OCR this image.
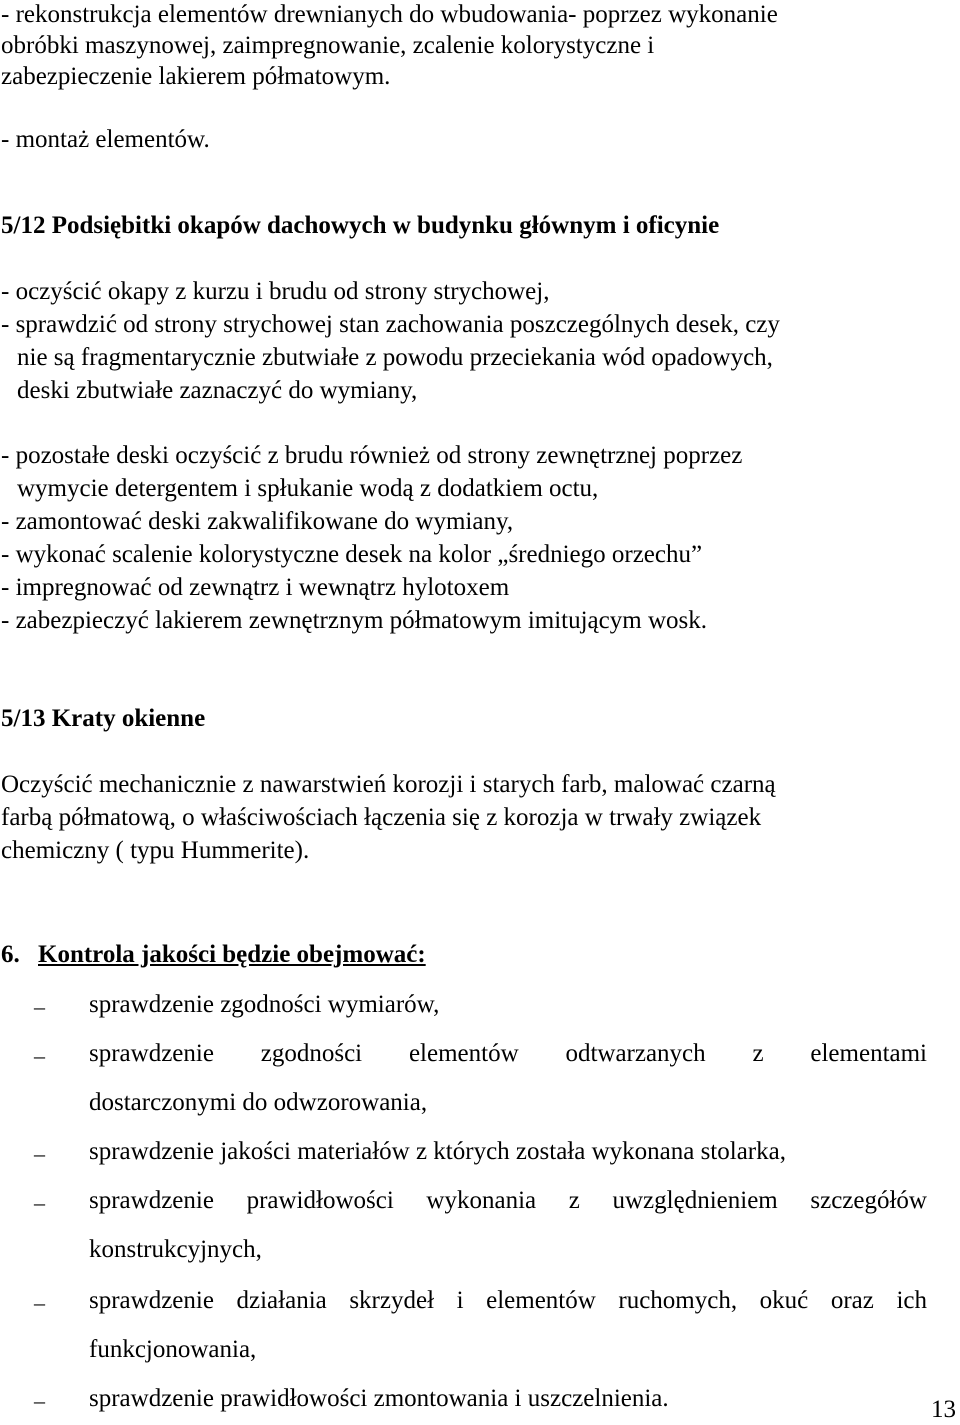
- rekonstrukcja elementów drewnianych do wbudowania- poprzez wykonanie
obróbki maszynowej, zaimpregnowanie, zcalenie kolorystyczne i
zabezpieczenie lakierem półmatowym.
- montaż elementów.
5/12 Podsiębitki okapów dachowych w budynku głównym i oficynie
- oczyścić okapy z kurzu i brudu od strony strychowej,
- sprawdzić od strony strychowej stan zachowania poszczególnych desek, czy
nie są fragmentarycznie zbutwiałe z powodu przeciekania wód opadowych,
deski zbutwiałe zaznaczyć do wymiany,
- pozostałe deski oczyścić z brudu również od strony zewnętrznej poprzez
wymycie detergentem i spłukanie wodą z dodatkiem octu,
- zamontować deski zakwalifikowane do wymiany,
- wykonać scalenie kolorystyczne desek na kolor „średniego orzechu”
- impregnować od zewnątrz i wewnątrz hylotoxem
- zabezpieczyć lakierem zewnętrznym półmatowym imitującym wosk.
5/13 Kraty okienne
Oczyścić mechanicznie z nawarstwień korozji i starych farb, malować czarną
farbą półmatową, o właściwościach łączenia się z korozja w trwały związek
chemiczny ( typu Hummerite).
6. Kontrola jakości będzie obejmować:
– sprawdzenie zgodności wymiarów,
– sprawdzenie zgodności elementów odtwarzanych z elementami
dostarczonymi do odwzorowania,
– sprawdzenie jakości materiałów z których została wykonana stolarka,
– sprawdzenie prawidłowości wykonania z uwzględnieniem szczegółów
konstrukcyjnych,
– sprawdzenie działania skrzydeł i elementów ruchomych, okuć oraz ich
funkcjonowania,
– sprawdzenie prawidłowości zmontowania i uszczelnienia.	13
